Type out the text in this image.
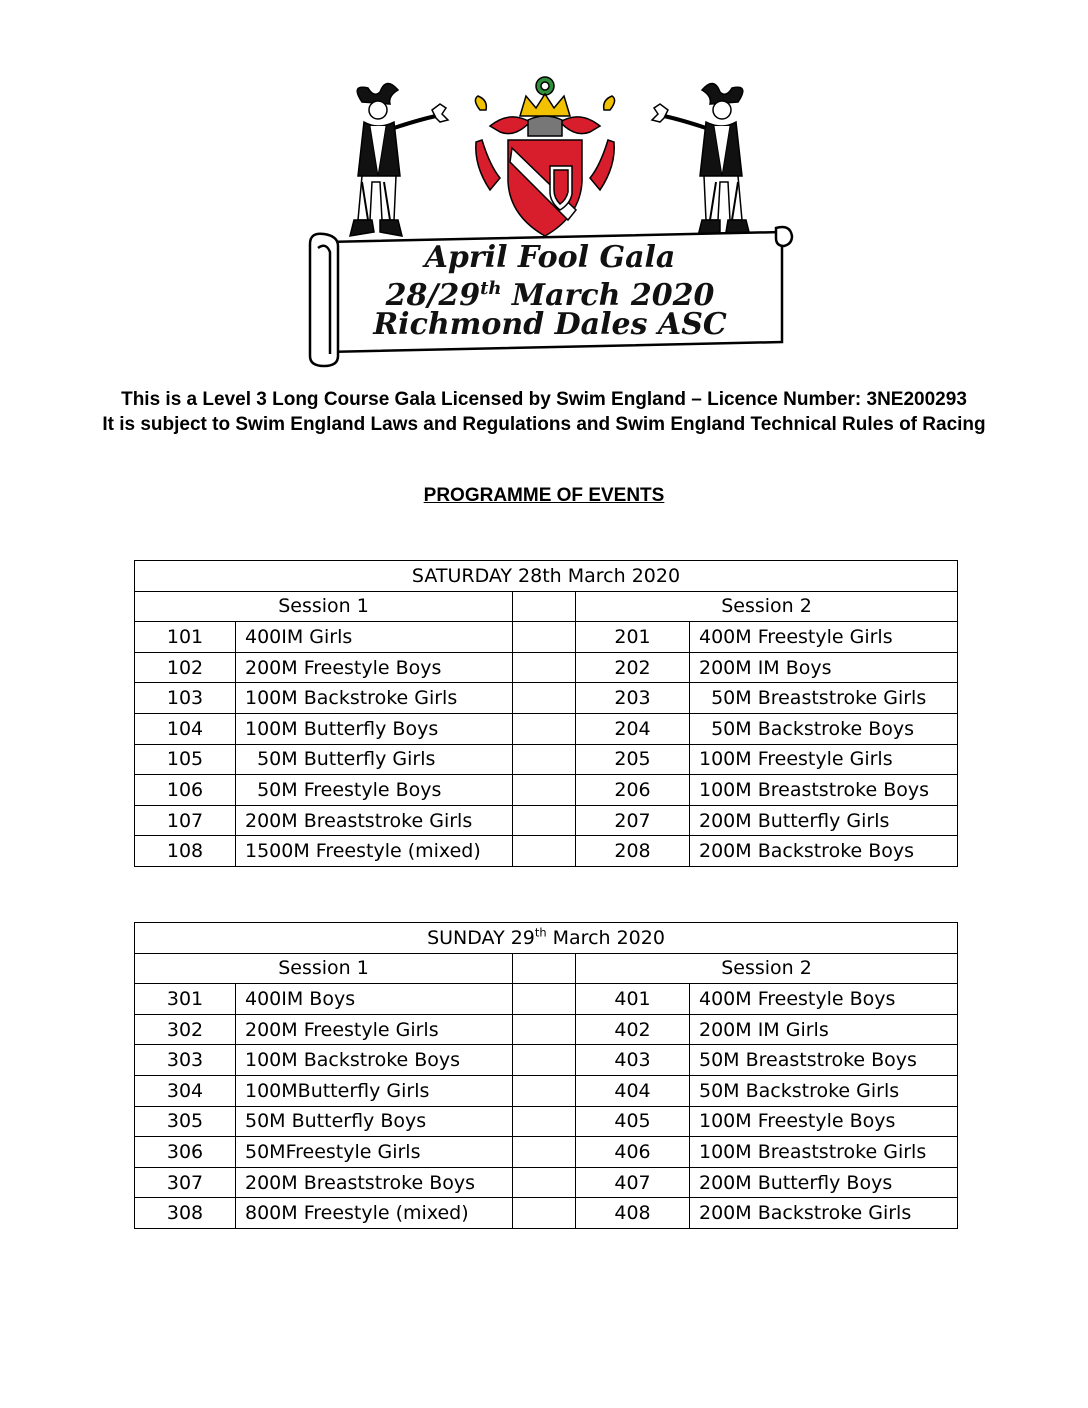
April Fool Gala
28/29th March 2020
Richmond Dales ASC
This is a Level 3 Long Course Gala Licensed by Swim England – Licence Number: 3NE200293
It is subject to Swim England Laws and Regulations and Swim England Technical Rules of Racing
PROGRAMME OF EVENTS
SATURDAY 28th March 2020				
Session 1			Session 2	
101	400IM Girls		201	400M Freestyle Girls
102	200M Freestyle Boys		202	200M IM Boys
103	100M Backstroke Girls		203	50M Breaststroke Girls
104	100M Butterfly Boys		204	50M Backstroke Boys
105	50M Butterfly Girls		205	100M Freestyle Girls
106	50M Freestyle Boys		206	100M Breaststroke Boys
107	200M Breaststroke Girls		207	200M Butterfly Girls
108	1500M Freestyle (mixed)		208	200M Backstroke Boys
SUNDAY 29th March 2020				
Session 1			Session 2	
301	400IM Boys		401	400M Freestyle Boys
302	200M Freestyle Girls		402	200M IM Girls
303	100M Backstroke Boys		403	50M Breaststroke Boys
304	100MButterfly Girls		404	50M Backstroke Girls
305	50M Butterfly Boys		405	100M Freestyle Boys
306	50MFreestyle Girls		406	100M Breaststroke Girls
307	200M Breaststroke Boys		407	200M Butterfly Boys
308	800M Freestyle (mixed)		408	200M Backstroke Girls
